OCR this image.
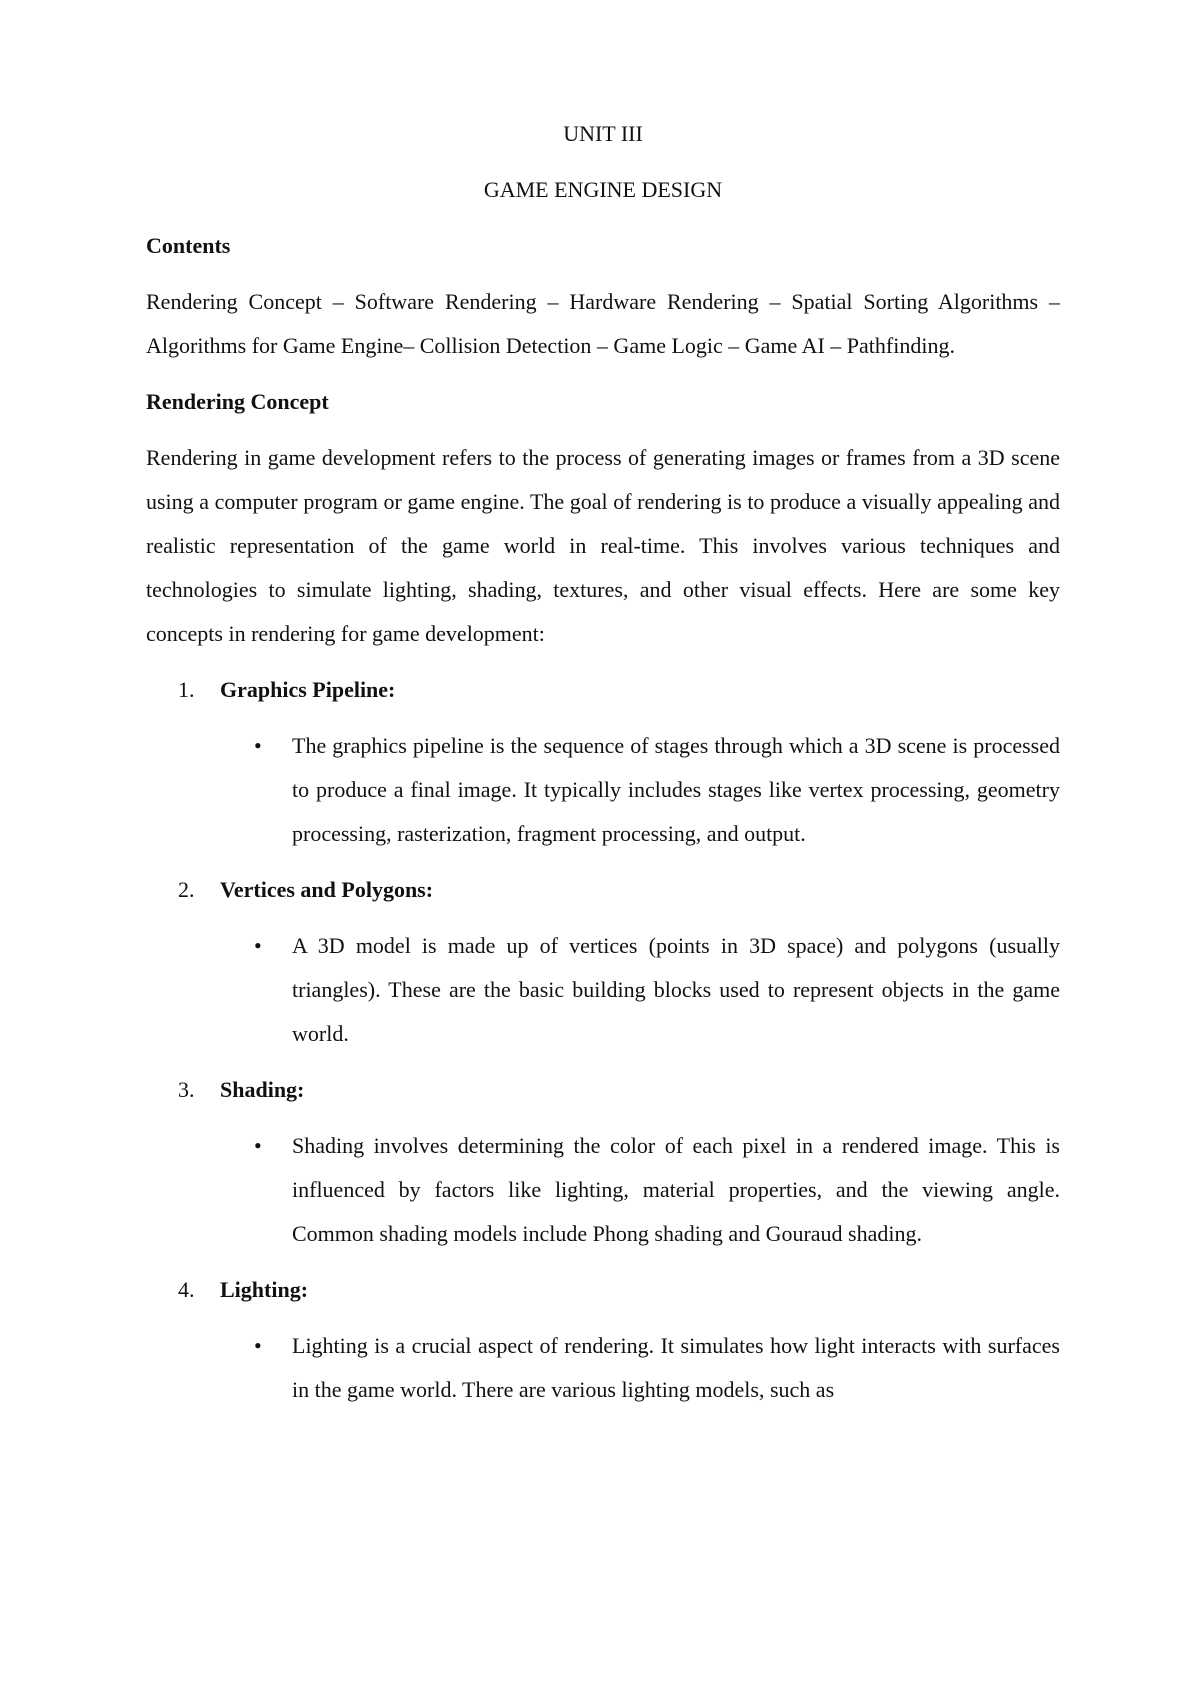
UNIT III
GAME ENGINE DESIGN
Contents

Rendering Concept – Software Rendering – Hardware Rendering – Spatial Sorting Algorithms – Algorithms for Game Engine– Collision Detection – Game Logic – Game AI – Pathfinding.

Rendering Concept

Rendering in game development refers to the process of generating images or frames from a 3D scene using a computer program or game engine. The goal of rendering is to produce a visually appealing and realistic representation of the game world in real-time. This involves various techniques and technologies to simulate lighting, shading, textures, and other visual effects. Here are some key concepts in rendering for game development:

1. Graphics Pipeline:

• The graphics pipeline is the sequence of stages through which a 3D scene is processed to produce a final image. It typically includes stages like vertex processing, geometry processing, rasterization, fragment processing, and output.

2. Vertices and Polygons:

• A 3D model is made up of vertices (points in 3D space) and polygons (usually triangles). These are the basic building blocks used to represent objects in the game world.

3. Shading:

• Shading involves determining the color of each pixel in a rendered image. This is influenced by factors like lighting, material properties, and the viewing angle. Common shading models include Phong shading and Gouraud shading.

4. Lighting:

• Lighting is a crucial aspect of rendering. It simulates how light interacts with surfaces in the game world. There are various lighting models, such as
